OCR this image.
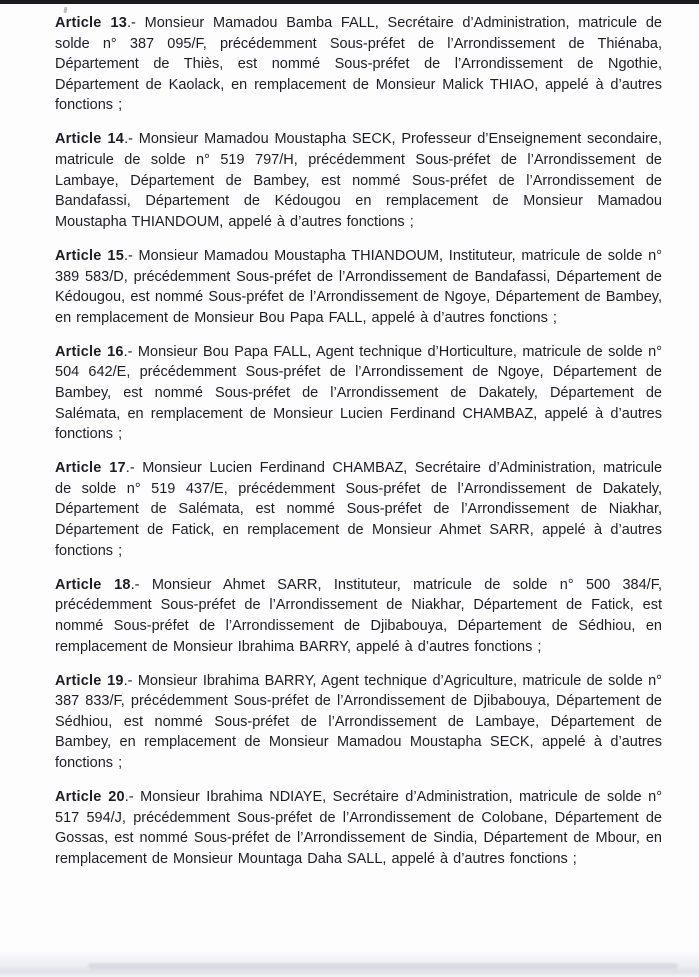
Article 13.- Monsieur Mamadou Bamba FALL, Secrétaire d’Administration, matricule de solde n° 387 095/F, précédemment Sous-préfet de l’Arrondissement de Thiénaba, Département de Thiès, est nommé Sous-préfet de l’Arrondissement de Ngothie, Département de Kaolack, en remplacement de Monsieur Malick THIAO, appelé à d’autres fonctions ;

Article 14.- Monsieur Mamadou Moustapha SECK, Professeur d’Enseignement secondaire, matricule de solde n° 519 797/H, précédemment Sous-préfet de l’Arrondissement de Lambaye, Département de Bambey, est nommé Sous-préfet de l’Arrondissement de Bandafassi, Département de Kédougou en remplacement de Monsieur Mamadou Moustapha THIANDOUM, appelé à d’autres fonctions ;

Article 15.- Monsieur Mamadou Moustapha THIANDOUM, Instituteur, matricule de solde n° 389 583/D, précédemment Sous-préfet de l’Arrondissement de Bandafassi, Département de Kédougou, est nommé Sous-préfet de l’Arrondissement de Ngoye, Département de Bambey, en remplacement de Monsieur Bou Papa FALL, appelé à d’autres fonctions ;

Article 16.- Monsieur Bou Papa FALL, Agent technique d’Horticulture, matricule de solde n° 504 642/E, précédemment Sous-préfet de l’Arrondissement de Ngoye, Département de Bambey, est nommé Sous-préfet de l’Arrondissement de Dakately, Département de Salémata, en remplacement de Monsieur Lucien Ferdinand CHAMBAZ, appelé à d’autres fonctions ;

Article 17.- Monsieur Lucien Ferdinand CHAMBAZ, Secrétaire d’Administration, matricule de solde n° 519 437/E, précédemment Sous-préfet de l’Arrondissement de Dakately, Département de Salémata, est nommé Sous-préfet de l’Arrondissement de Niakhar, Département de Fatick, en remplacement de Monsieur Ahmet SARR, appelé à d’autres fonctions ;

Article 18.- Monsieur Ahmet SARR, Instituteur, matricule de solde n° 500 384/F, précédemment Sous-préfet de l’Arrondissement de Niakhar, Département de Fatick, est nommé Sous-préfet de l’Arrondissement de Djibabouya, Département de Sédhiou, en remplacement de Monsieur Ibrahima BARRY, appelé à d’autres fonctions ;

Article 19.- Monsieur Ibrahima BARRY, Agent technique d’Agriculture, matricule de solde n° 387 833/F, précédemment Sous-préfet de l’Arrondissement de Djibabouya, Département de Sédhiou, est nommé Sous-préfet de l’Arrondissement de Lambaye, Département de Bambey, en remplacement de Monsieur Mamadou Moustapha SECK, appelé à d’autres fonctions ;

Article 20.- Monsieur Ibrahima NDIAYE, Secrétaire d’Administration, matricule de solde n° 517 594/J, précédemment Sous-préfet de l’Arrondissement de Colobane, Département de Gossas, est nommé Sous-préfet de l’Arrondissement de Sindia, Département de Mbour, en remplacement de Monsieur Mountaga Daha SALL, appelé à d’autres fonctions ;
